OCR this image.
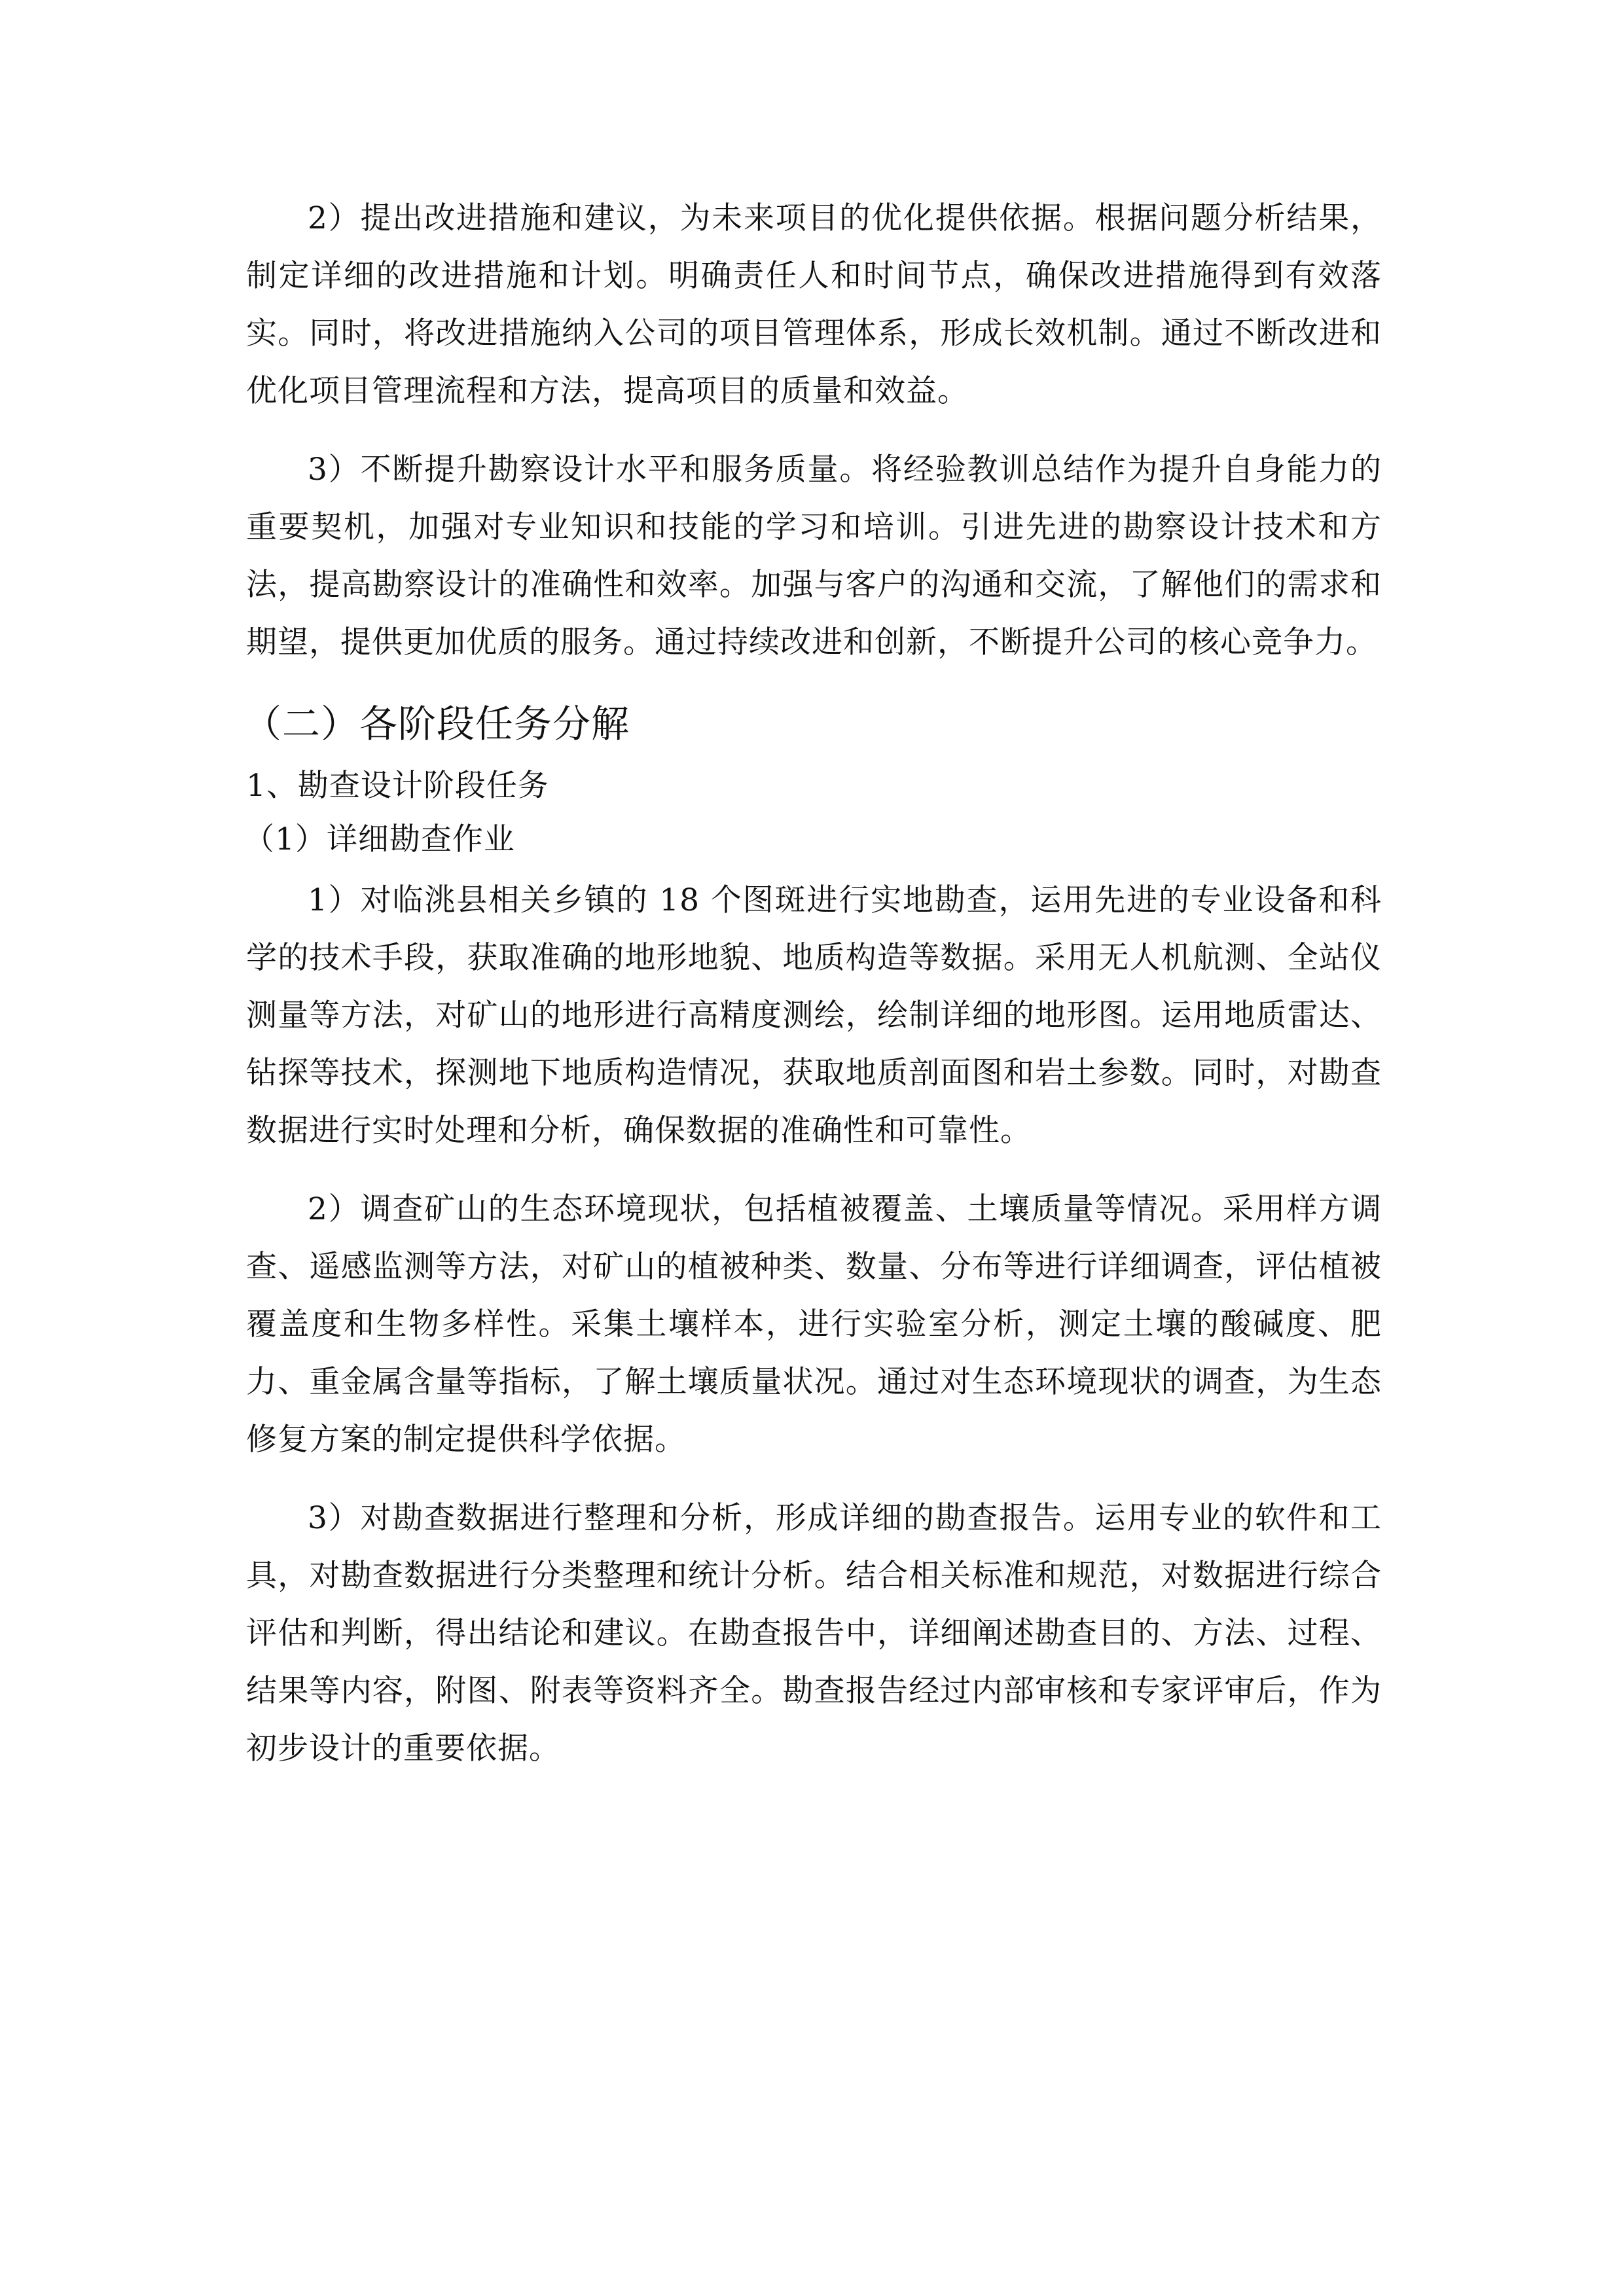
2）提出改进措施和建议，为未来项目的优化提供依据。根据问题分析结果，制定详细的改进措施和计划。明确责任人和时间节点，确保改进措施得到有效落实。同时，将改进措施纳入公司的项目管理体系，形成长效机制。通过不断改进和优化项目管理流程和方法，提高项目的质量和效益。

3）不断提升勘察设计水平和服务质量。将经验教训总结作为提升自身能力的重要契机，加强对专业知识和技能的学习和培训。引进先进的勘察设计技术和方法，提高勘察设计的准确性和效率。加强与客户的沟通和交流，了解他们的需求和期望，提供更加优质的服务。通过持续改进和创新，不断提升公司的核心竞争力。

（二）各阶段任务分解
1、勘查设计阶段任务
（1）详细勘查作业

1）对临洮县相关乡镇的 18 个图斑进行实地勘查，运用先进的专业设备和科学的技术手段，获取准确的地形地貌、地质构造等数据。采用无人机航测、全站仪测量等方法，对矿山的地形进行高精度测绘，绘制详细的地形图。运用地质雷达、钻探等技术，探测地下地质构造情况，获取地质剖面图和岩土参数。同时，对勘查数据进行实时处理和分析，确保数据的准确性和可靠性。

2）调查矿山的生态环境现状，包括植被覆盖、土壤质量等情况。采用样方调查、遥感监测等方法，对矿山的植被种类、数量、分布等进行详细调查，评估植被覆盖度和生物多样性。采集土壤样本，进行实验室分析，测定土壤的酸碱度、肥力、重金属含量等指标，了解土壤质量状况。通过对生态环境现状的调查，为生态修复方案的制定提供科学依据。

3）对勘查数据进行整理和分析，形成详细的勘查报告。运用专业的软件和工具，对勘查数据进行分类整理和统计分析。结合相关标准和规范，对数据进行综合评估和判断，得出结论和建议。在勘查报告中，详细阐述勘查目的、方法、过程、结果等内容，附图、附表等资料齐全。勘查报告经过内部审核和专家评审后，作为初步设计的重要依据。
